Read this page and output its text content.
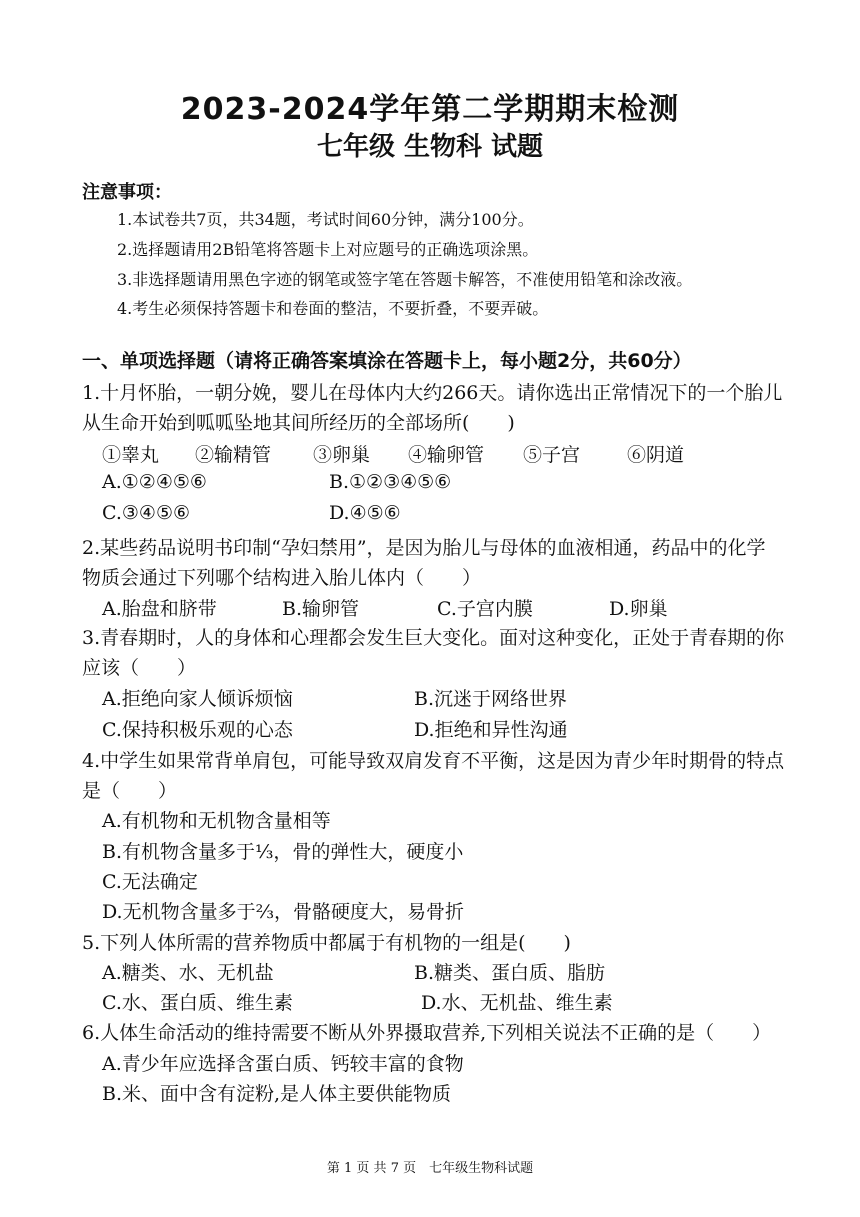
2023-2024学年第二学期期末检测
七年级 生物科 试题
注意事项：
1.本试卷共7页，共34题，考试时间60分钟，满分100分。
2.选择题请用2B铅笔将答题卡上对应题号的正确选项涂黑。
3.非选择题请用黑色字迹的钢笔或签字笔在答题卡解答，不准使用铅笔和涂改液。
4.考生必须保持答题卡和卷面的整洁，不要折叠，不要弄破。
一、单项选择题（请将正确答案填涂在答题卡上，每小题2分，共60分）
1.十月怀胎，一朝分娩，婴儿在母体内大约266天。请你选出正常情况下的一个胎儿
从生命开始到呱呱坠地其间所经历的全部场所(　　)
①睾丸 ②输精管 ③卵巢 ④输卵管 ⑤子宫 ⑥阴道
A.①②④⑤⑥	B.①②③④⑤⑥
C.③④⑤⑥	D.④⑤⑥
2.某些药品说明书印制“孕妇禁用”，是因为胎儿与母体的血液相通，药品中的化学
物质会通过下列哪个结构进入胎儿体内（　　）
A.胎盘和脐带	B.输卵管	C.子宫内膜	D.卵巢
3.青春期时，人的身体和心理都会发生巨大变化。面对这种变化，正处于青春期的你
应该（　　）
A.拒绝向家人倾诉烦恼	B.沉迷于网络世界
C.保持积极乐观的心态	D.拒绝和异性沟通
4.中学生如果常背单肩包，可能导致双肩发育不平衡，这是因为青少年时期骨的特点
是（　　）
A.有机物和无机物含量相等
B.有机物含量多于⅓，骨的弹性大，硬度小
C.无法确定
D.无机物含量多于⅔，骨骼硬度大，易骨折
5.下列人体所需的营养物质中都属于有机物的一组是(　　)
A.糖类、水、无机盐	B.糖类、蛋白质、脂肪
C.水、蛋白质、维生素	D.水、无机盐、维生素
6.人体生命活动的维持需要不断从外界摄取营养,下列相关说法不正确的是（　　）
A.青少年应选择含蛋白质、钙较丰富的食物
B.米、面中含有淀粉,是人体主要供能物质
第 1 页 共 7 页　七年级生物科试题
